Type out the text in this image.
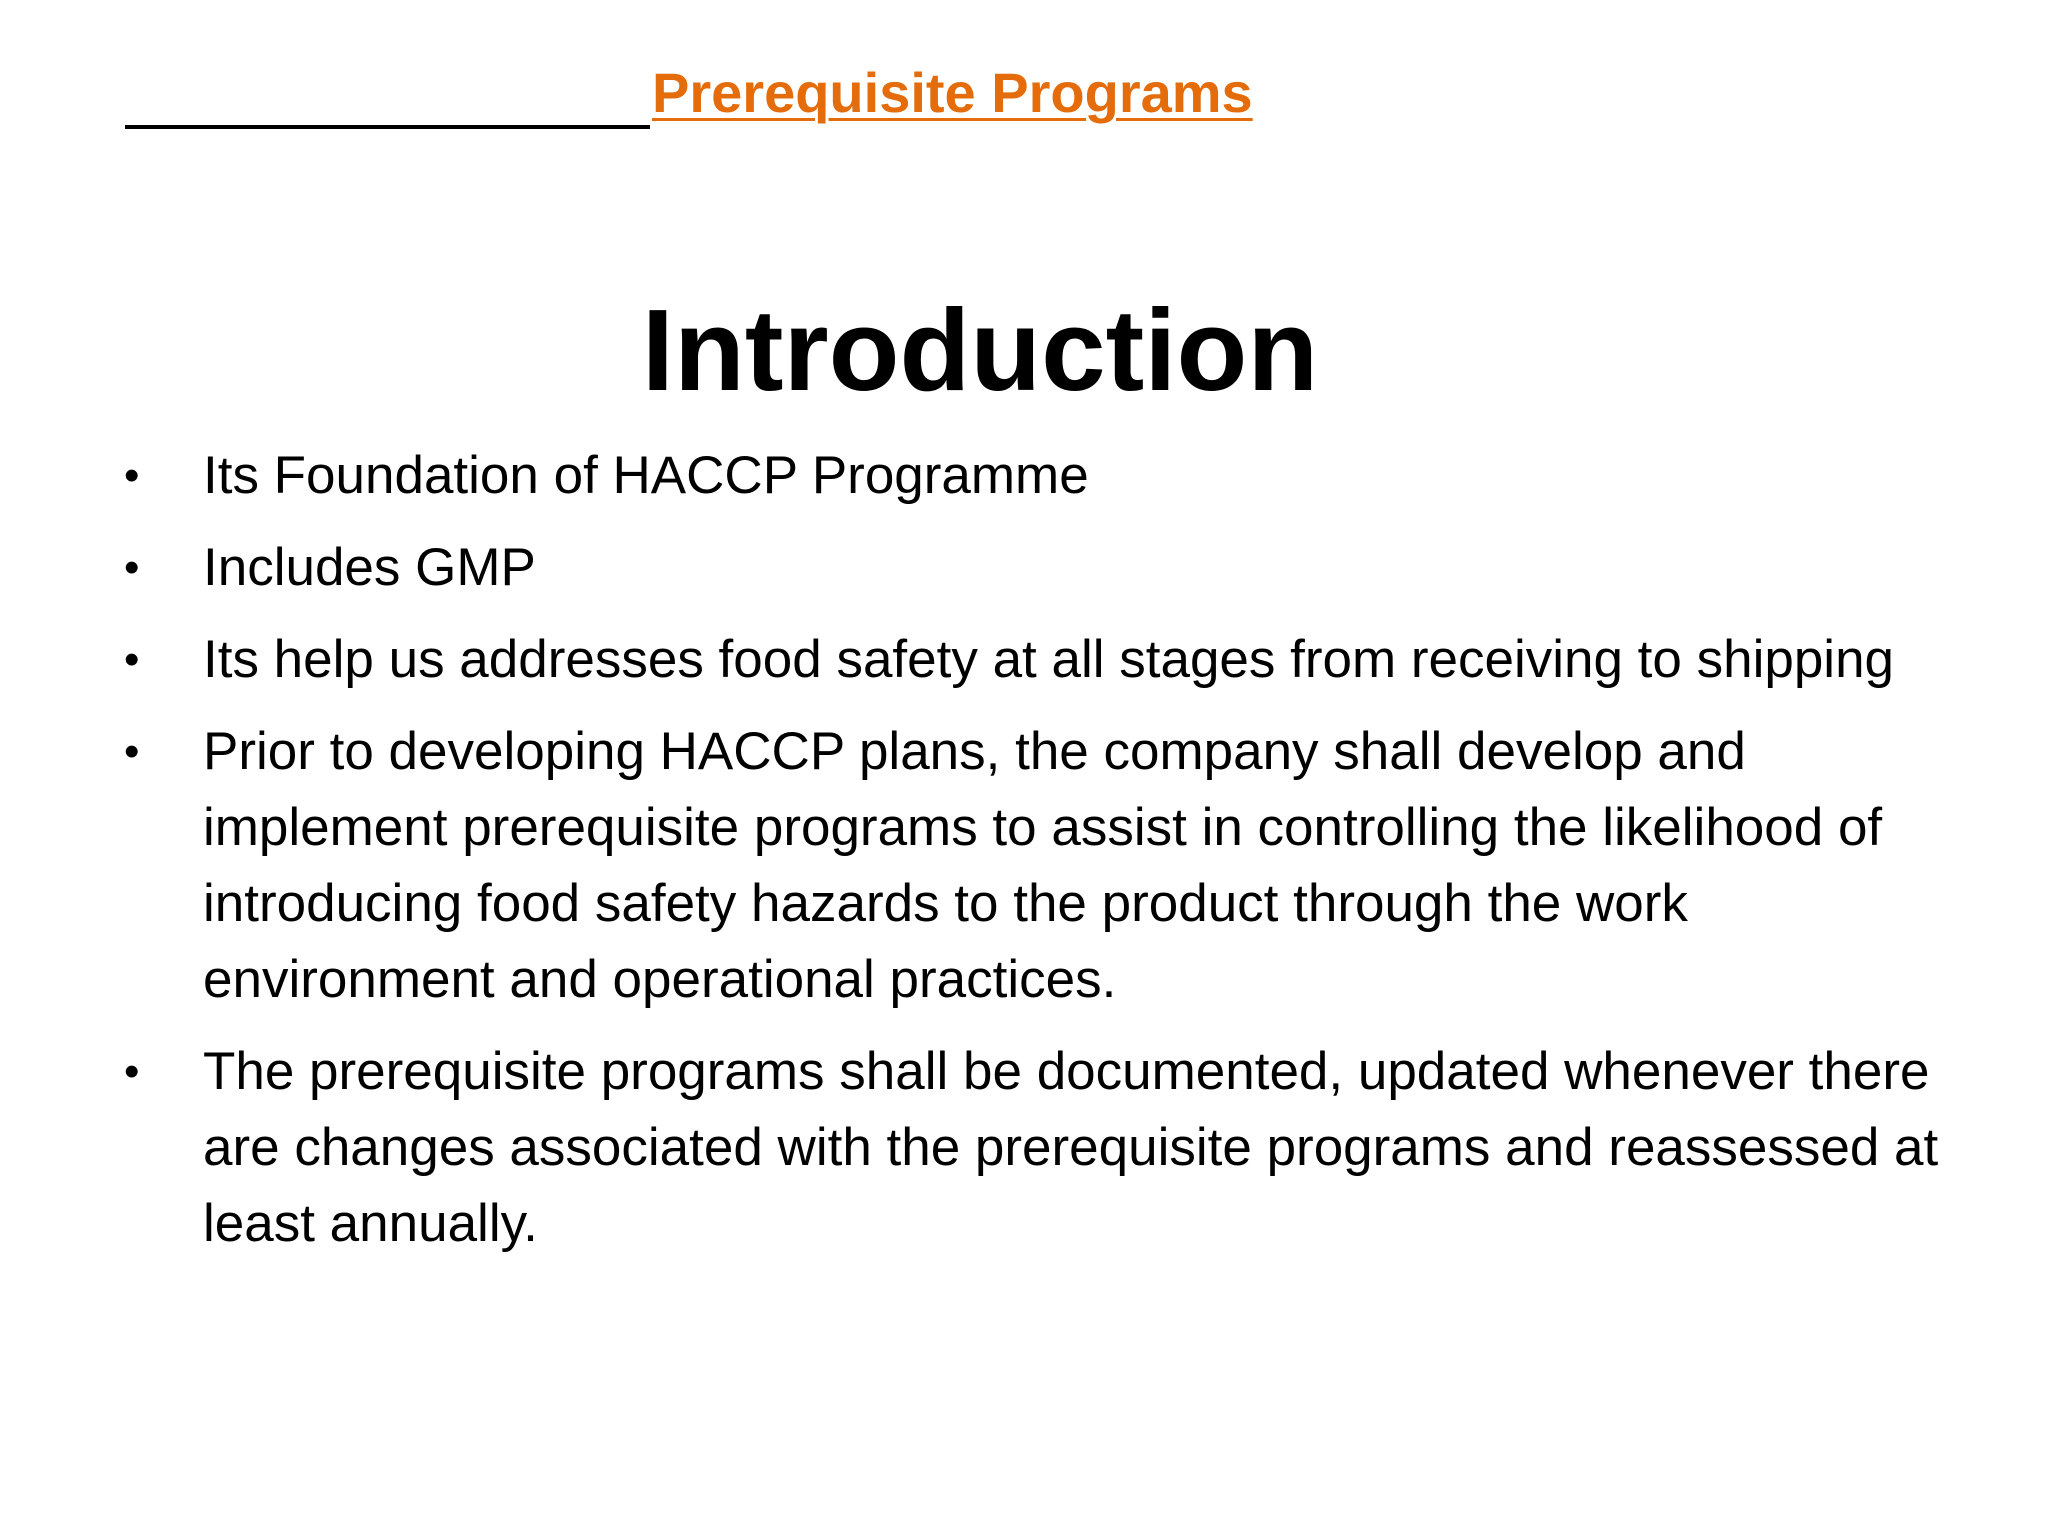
Prerequisite Programs
Introduction
• Its Foundation of HACCP Programme
• Includes GMP
• Its help us addresses food safety at all stages from receiving to shipping
• Prior to developing HACCP plans, the company shall develop and implement prerequisite programs to assist in controlling the likelihood of introducing food safety hazards to the product through the work environment and operational practices.
• The prerequisite programs shall be documented, updated whenever there are changes associated with the prerequisite programs and reassessed at least annually.
